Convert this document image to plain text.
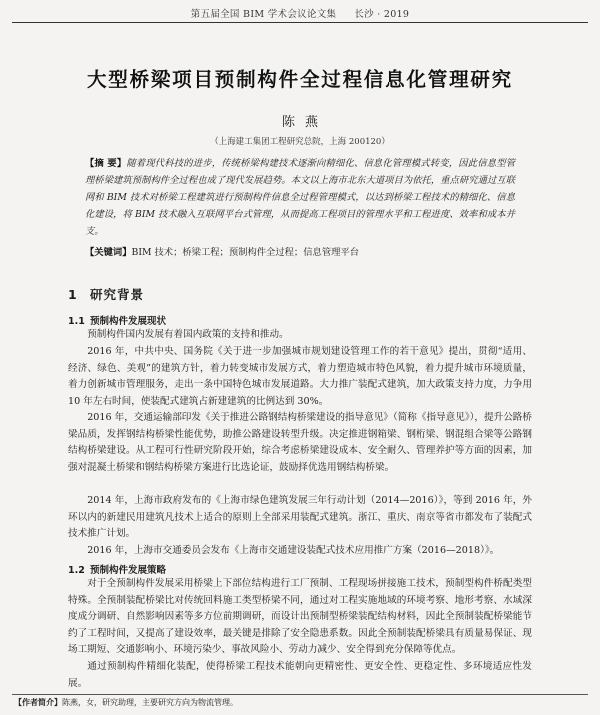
第五届全国 BIM 学术会议论文集 长沙 · 2019
大型桥梁项目预制构件全过程信息化管理研究
陈燕
（上海建工集团工程研究总院，上海 200120）
【摘 要】随着现代科技的进步，传统桥梁构建技术逐渐向精细化、信息化管理模式转变，因此信息型管理桥梁建筑预制构件全过程也成了现代发展趋势。本文以上海市北东大道项目为依托，重点研究通过互联网和 BIM 技术对桥梁工程建筑进行预制构件信息全过程管理模式，以达到桥梁工程技术的精细化、信息化建设，将 BIM 技术融入互联网平台式管理，从而提高工程项目的管理水平和工程进度、效率和成本并支。
【关键词】BIM 技术；桥梁工程；预制构件全过程；信息管理平台
1 研究背景
1.1 预制构件发展现状
预制构件国内发展有着国内政策的支持和推动。
2016 年，中共中央、国务院《关于进一步加强城市规划建设管理工作的若干意见》提出，贯彻“适用、经济、绿色、美观”的建筑方针，着力转变城市发展方式，着力塑造城市特色风貌，着力提升城市环境质量，着力创新城市管理服务，走出一条中国特色城市发展道路。大力推广装配式建筑，加大政策支持力度，力争用 10 年左右时间，使装配式建筑占新建建筑的比例达到 30%。
2016 年，交通运输部印发《关于推进公路钢结构桥梁建设的指导意见》（简称《指导意见》），提升公路桥梁品质，发挥钢结构桥梁性能优势，助推公路建设转型升级。决定推进钢箱梁、钢桁梁、钢混组合梁等公路钢结构桥梁建设。从工程可行性研究阶段开始，综合考虑桥梁建设成本、安全耐久、管理养护等方面的因素，加强对混凝土桥梁和钢结构桥梁方案进行比选论证，鼓励择优选用钢结构桥梁。
2014 年，上海市政府发布的《上海市绿色建筑发展三年行动计划（2014—2016）》，等到 2016 年，外环以内的新建民用建筑凡技术上适合的原则上全部采用装配式建筑。浙江、重庆、南京等省市都发布了装配式技术推广计划。
2016 年，上海市交通委员会发布《上海市交通建设装配式技术应用推广方案（2016—2018）》。
1.2 预制构件发展策略
对于全预制构件发展采用桥梁上下部位结构进行工厂预制、工程现场拼接施工技术，预制型构件桥配类型特殊。全预制装配桥梁比对传统回料施工类型桥梁不同，通过对工程实施地域的环境考察、地形考察、水域深度成分调研、自然影响因素等多方位前期调研，而设计出预制型桥梁装配结构材料，因此全预制装配桥梁能节约了工程时间，又提高了建设效率，最关键是排除了安全隐患系数。因此全预制装配桥梁具有质量易保证、现场工期短、交通影响小、环境污染少、事故风险小、劳动力减少、安全得到充分保障等优点。
通过预制构件精细化装配，使得桥梁工程技术能朝向更精密性、更安全性、更稳定性、多环境适应性发展。
【作者简介】陈燕，女，研究助理，主要研究方向为物流管理。
